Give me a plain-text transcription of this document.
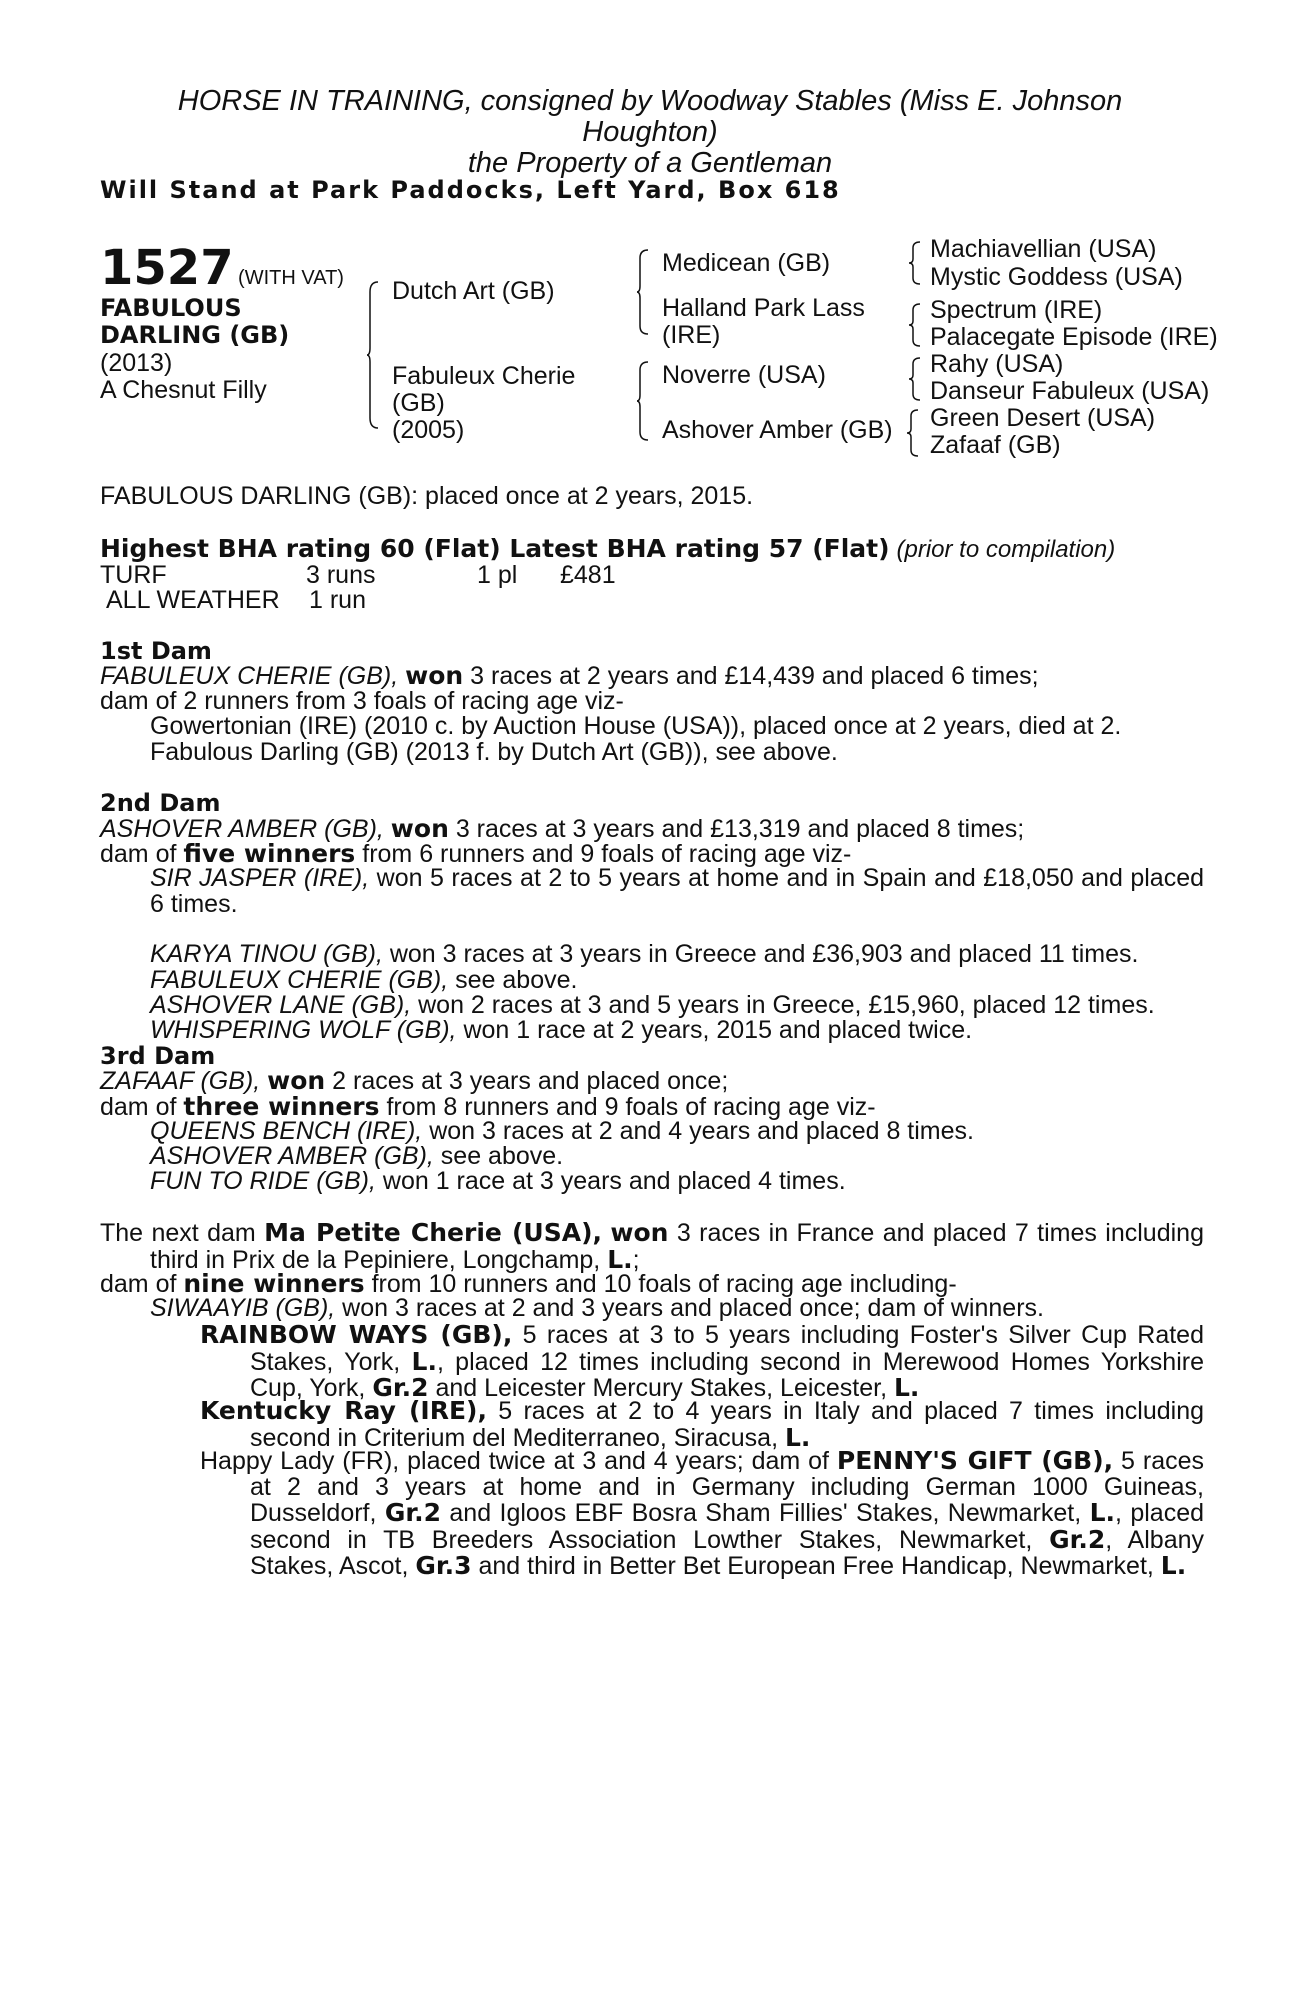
HORSE IN TRAINING, consigned by Woodway Stables (Miss E. Johnson
Houghton)
the Property of a Gentleman
Will Stand at Park Paddocks, Left Yard, Box 618
1527 (WITH VAT)
FABULOUS
DARLING (GB)
(2013)
A Chesnut Filly
Dutch Art (GB)
Fabuleux Cherie
(GB)
(2005)
Medicean (GB)
Halland Park Lass
(IRE)
Noverre (USA)
Ashover Amber (GB)
Machiavellian (USA)
Mystic Goddess (USA)
Spectrum (IRE)
Palacegate Episode (IRE)
Rahy (USA)
Danseur Fabuleux (USA)
Green Desert (USA)
Zafaaf (GB)
FABULOUS DARLING (GB): placed once at 2 years, 2015.
Highest BHA rating 60 (Flat) Latest BHA rating 57 (Flat) (prior to compilation)
TURF	3 runs	1 pl £481
ALL WEATHER 1 run
1st Dam
FABULEUX CHERIE (GB), won 3 races at 2 years and £14,439 and placed 6 times;
dam of 2 runners from 3 foals of racing age viz-
Gowertonian (IRE) (2010 c. by Auction House (USA)), placed once at 2 years, died at 2.
Fabulous Darling (GB) (2013 f. by Dutch Art (GB)), see above.
2nd Dam
ASHOVER AMBER (GB), won 3 races at 3 years and £13,319 and placed 8 times;
dam of five winners from 6 runners and 9 foals of racing age viz-
SIR JASPER (IRE), won 5 races at 2 to 5 years at home and in Spain and £18,050 and placed 6 times.
KARYA TINOU (GB), won 3 races at 3 years in Greece and £36,903 and placed 11 times.
FABULEUX CHERIE (GB), see above.
ASHOVER LANE (GB), won 2 races at 3 and 5 years in Greece, £15,960, placed 12 times.
WHISPERING WOLF (GB), won 1 race at 2 years, 2015 and placed twice.
3rd Dam
ZAFAAF (GB), won 2 races at 3 years and placed once;
dam of three winners from 8 runners and 9 foals of racing age viz-
QUEENS BENCH (IRE), won 3 races at 2 and 4 years and placed 8 times.
ASHOVER AMBER (GB), see above.
FUN TO RIDE (GB), won 1 race at 3 years and placed 4 times.
The next dam Ma Petite Cherie (USA), won 3 races in France and placed 7 times including third in Prix de la Pepiniere, Longchamp, L.;
dam of nine winners from 10 runners and 10 foals of racing age including-
SIWAAYIB (GB), won 3 races at 2 and 3 years and placed once; dam of winners.
RAINBOW WAYS (GB), 5 races at 3 to 5 years including Foster's Silver Cup Rated Stakes, York, L., placed 12 times including second in Merewood Homes Yorkshire Cup, York, Gr.2 and Leicester Mercury Stakes, Leicester, L.
Kentucky Ray (IRE), 5 races at 2 to 4 years in Italy and placed 7 times including second in Criterium del Mediterraneo, Siracusa, L.
Happy Lady (FR), placed twice at 3 and 4 years; dam of PENNY'S GIFT (GB), 5 races at 2 and 3 years at home and in Germany including German 1000 Guineas, Dusseldorf, Gr.2 and Igloos EBF Bosra Sham Fillies' Stakes, Newmarket, L., placed second in TB Breeders Association Lowther Stakes, Newmarket, Gr.2, Albany Stakes, Ascot, Gr.3 and third in Better Bet European Free Handicap, Newmarket, L.
